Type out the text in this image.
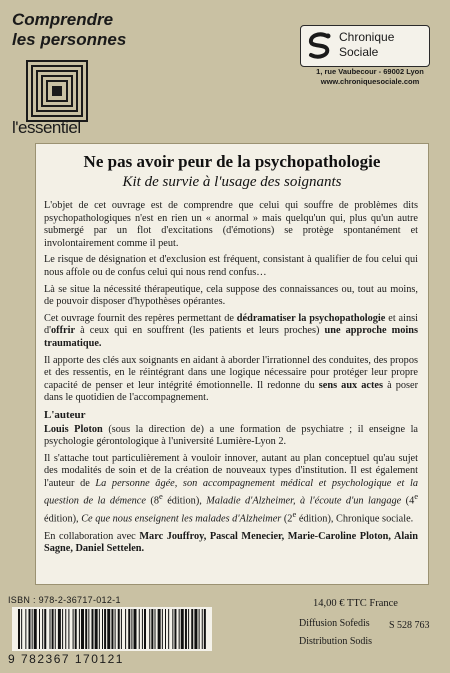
Comprendre
les personnes
l'essentiel
Chronique
Sociale
1, rue Vaubecour - 69002 Lyon
www.chroniquesociale.com
Ne pas avoir peur de la psychopathologie
Kit de survie à l'usage des soignants

L'objet de cet ouvrage est de comprendre que celui qui souffre de problèmes dits psychopathologiques n'est en rien un « anormal » mais quelqu'un qui, plus qu'un autre submergé par un flot d'excitations (d'émotions) se protège spontanément et involontairement comme il peut.

Le risque de désignation et d'exclusion est fréquent, consistant à qualifier de fou celui qui nous affole ou de confus celui qui nous rend confus…

Là se situe la nécessité thérapeutique, cela suppose des connaissances ou, tout au moins, de pouvoir disposer d'hypothèses opérantes.

Cet ouvrage fournit des repères permettant de dédramatiser la psychopathologie et ainsi d'offrir à ceux qui en souffrent (les patients et leurs proches) une approche moins traumatique.

Il apporte des clés aux soignants en aidant à aborder l'irrationnel des conduites, des propos et des ressentis, en le réintégrant dans une logique nécessaire pour protéger leur propre capacité de penser et leur intégrité émotionnelle. Il redonne du sens aux actes à poser dans le quotidien de l'accompagnement.

L'auteur

Louis Ploton (sous la direction de) a une formation de psychiatre ; il enseigne la psychologie gérontologique à l'université Lumière-Lyon 2.

Il s'attache tout particulièrement à vouloir innover, autant au plan conceptuel qu'au sujet des modalités de soin et de la création de nouveaux types d'institution. Il est également l'auteur de La personne âgée, son accompagnement médical et psychologique et la question de la démence (8e édition), Maladie d'Alzheimer, à l'écoute d'un langage (4e édition), Ce que nous enseignent les malades d'Alzheimer (2e édition), Chronique sociale.

En collaboration avec Marc Jouffroy, Pascal Menecier, Marie-Caroline Ploton, Alain Sagne, Daniel Settelen.

ISBN : 978-2-36717-012-1
9 782367 170121
14,00 € TTC France
Diffusion Sofedis
Distribution Sodis
S 528 763
